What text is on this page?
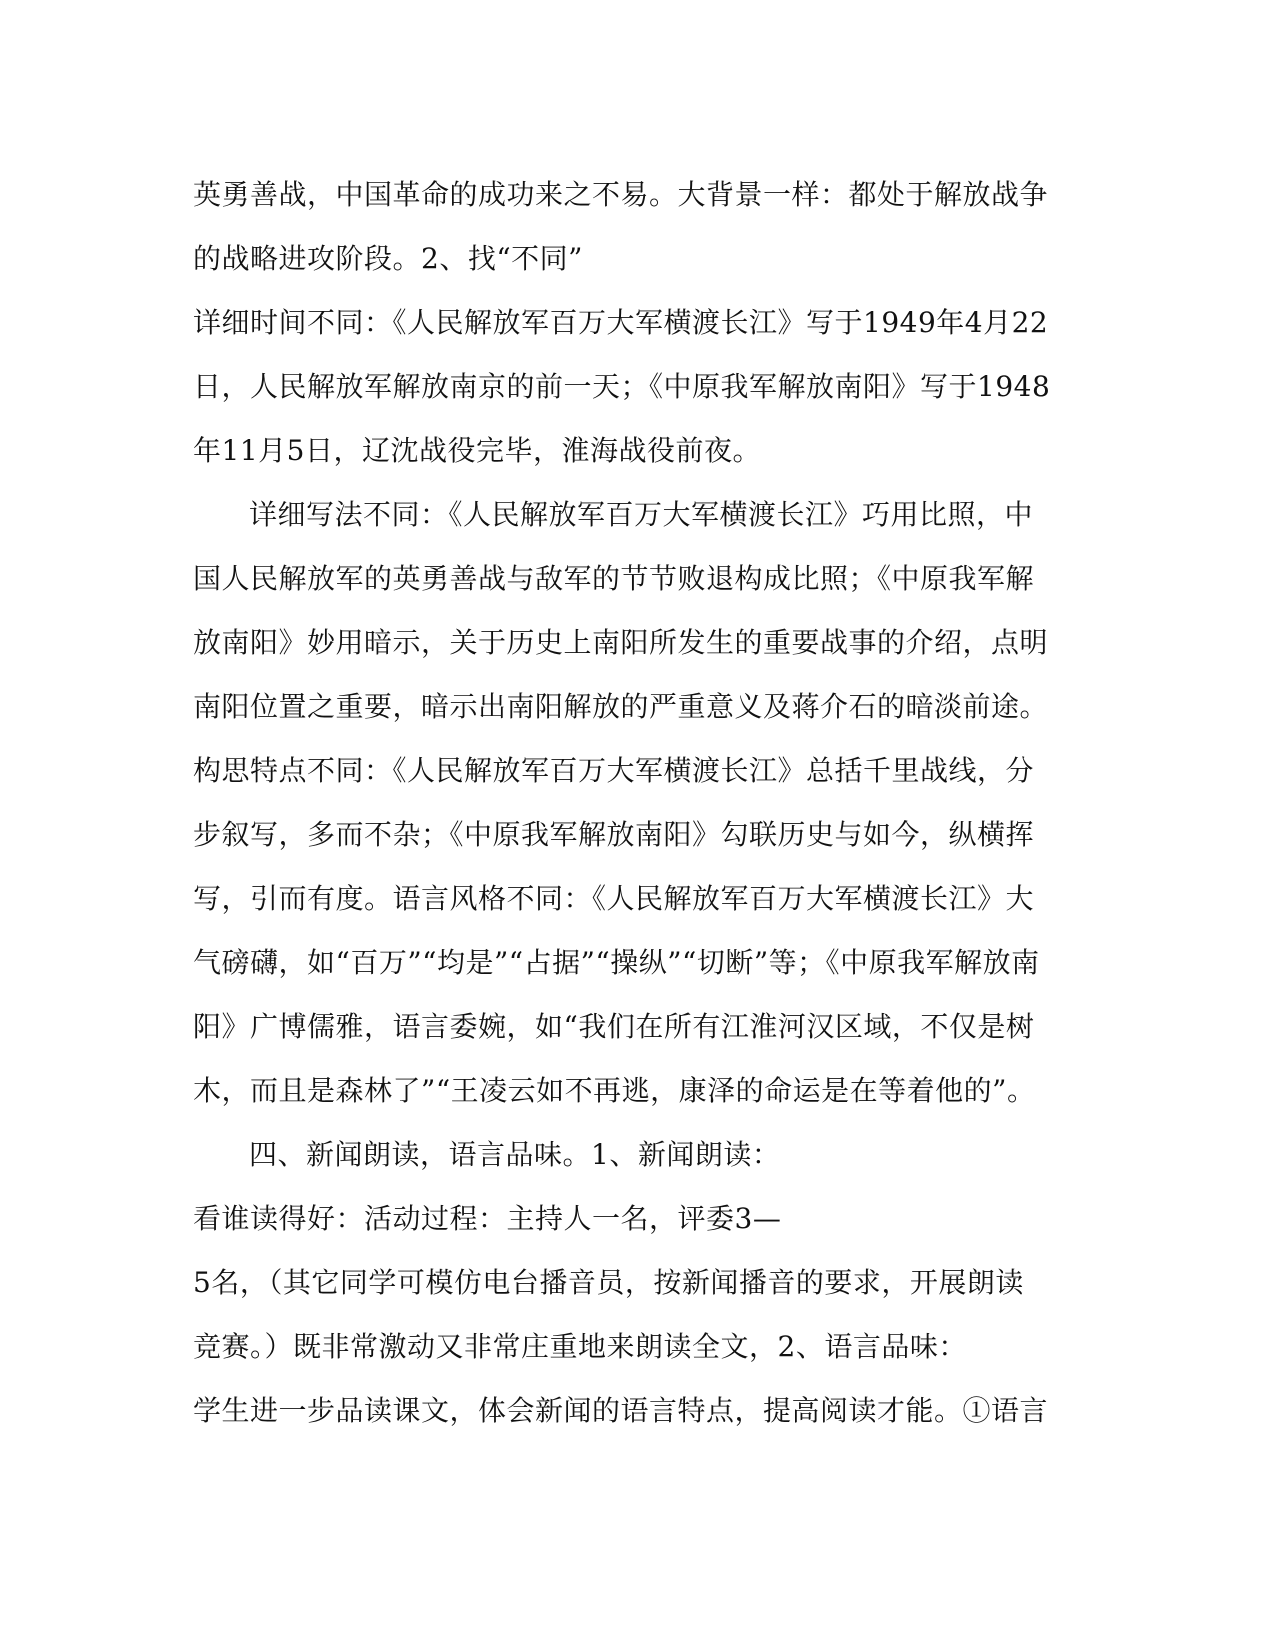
英勇善战，中国革命的成功来之不易。大背景一样：都处于解放战争
的战略进攻阶段。2、找“不同”
详细时间不同：《人民解放军百万大军横渡长江》写于1949年4月22
日，人民解放军解放南京的前一天；《中原我军解放南阳》写于1948
年11月5日，辽沈战役完毕，淮海战役前夜。
详细写法不同：《人民解放军百万大军横渡长江》巧用比照，中
国人民解放军的英勇善战与敌军的节节败退构成比照；《中原我军解
放南阳》妙用暗示，关于历史上南阳所发生的重要战事的介绍，点明
南阳位置之重要，暗示出南阳解放的严重意义及蒋介石的暗淡前途。
构思特点不同：《人民解放军百万大军横渡长江》总括千里战线，分
步叙写，多而不杂；《中原我军解放南阳》勾联历史与如今，纵横挥
写，引而有度。语言风格不同：《人民解放军百万大军横渡长江》大
气磅礴，如“百万”“均是”“占据”“操纵”“切断”等；《中原我军解放南
阳》广博儒雅，语言委婉，如“我们在所有江淮河汉区域，不仅是树
木，而且是森林了”“王凌云如不再逃，康泽的命运是在等着他的”。
四、新闻朗读，语言品味。1、新闻朗读：
看谁读得好：活动过程：主持人一名，评委3—
5名，（其它同学可模仿电台播音员，按新闻播音的要求，开展朗读
竞赛。）既非常激动又非常庄重地来朗读全文，2、语言品味：
学生进一步品读课文，体会新闻的语言特点，提高阅读才能。①语言
